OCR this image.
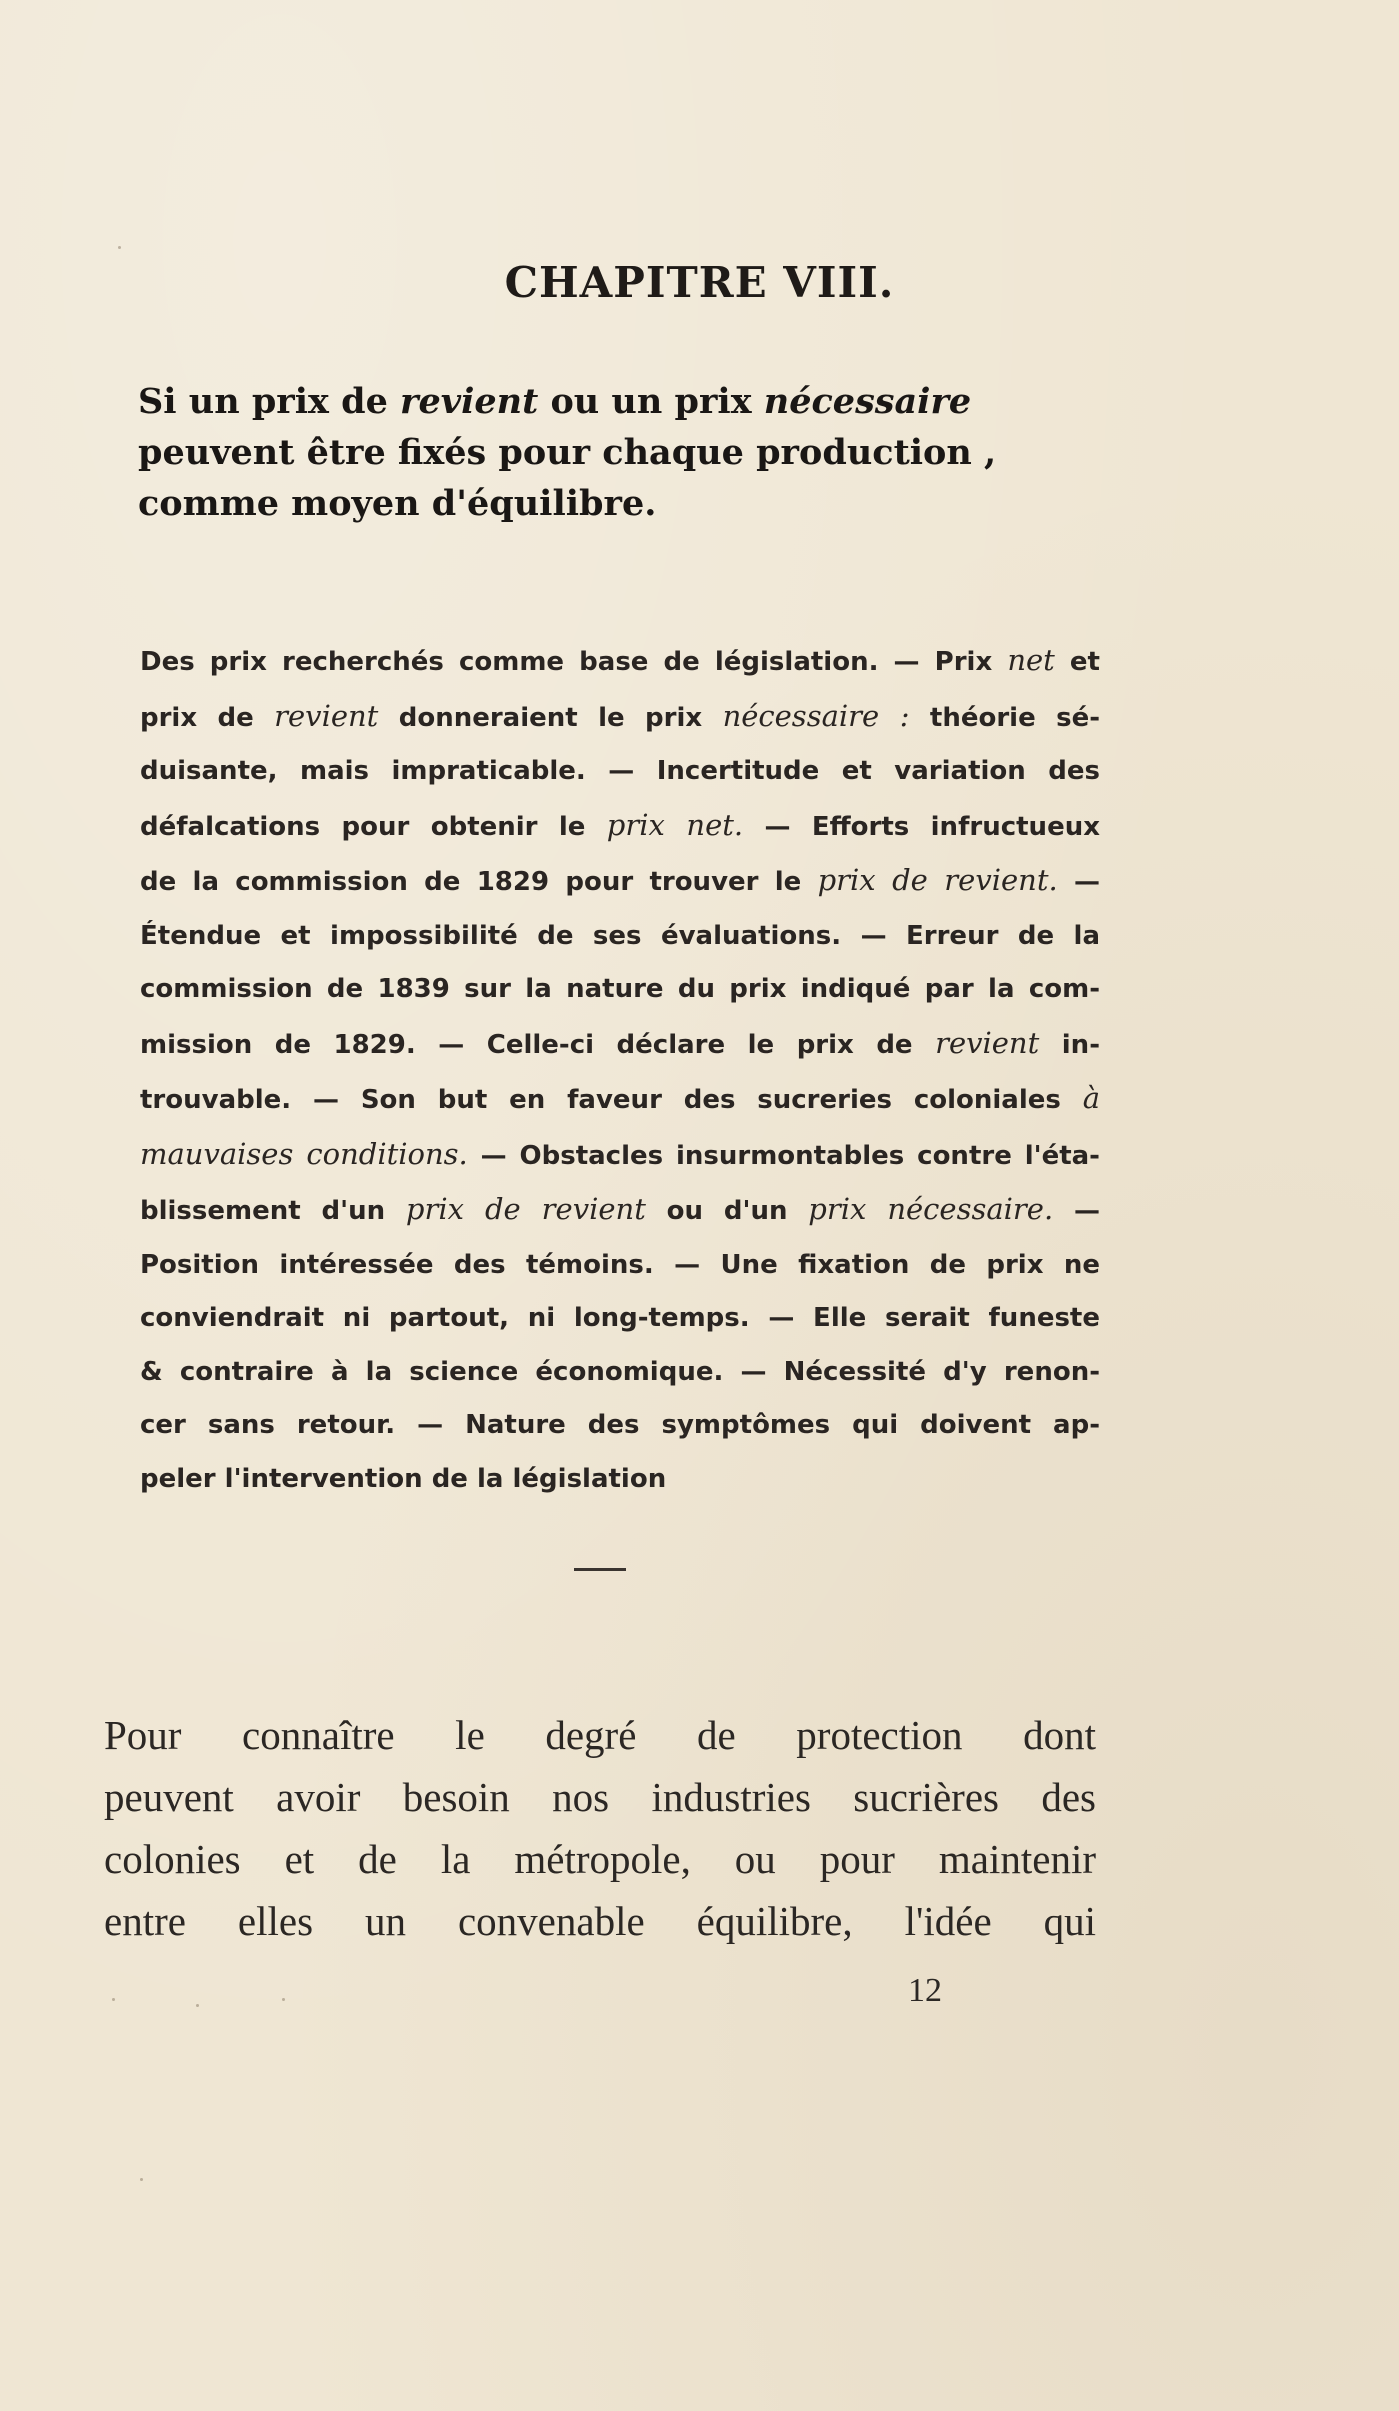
CHAPITRE VIII.
Si un prix de revient ou un prix nécessaire
peuvent être fixés pour chaque production ,
comme moyen d'équilibre.
Des prix recherchés comme base de législation. — Prix net et
prix de revient donneraient le prix nécessaire : théorie sé-
duisante, mais impraticable. — Incertitude et variation des
défalcations pour obtenir le prix net. — Efforts infructueux
de la commission de 1829 pour trouver le prix de revient. —
Étendue et impossibilité de ses évaluations. — Erreur de la
commission de 1839 sur la nature du prix indiqué par la com-
mission de 1829. — Celle-ci déclare le prix de revient in-
trouvable. — Son but en faveur des sucreries coloniales à
mauvaises conditions. — Obstacles insurmontables contre l'éta-
blissement d'un prix de revient ou d'un prix nécessaire. —
Position intéressée des témoins. — Une fixation de prix ne
conviendrait ni partout, ni long-temps. — Elle serait funeste
& contraire à la science économique. — Nécessité d'y renon-
cer sans retour. — Nature des symptômes qui doivent ap-
peler l'intervention de la législation
Pour connaître le degré de protection dont
peuvent avoir besoin nos industries sucrières des
colonies et de la métropole, ou pour maintenir
entre elles un convenable équilibre, l'idée qui
12
